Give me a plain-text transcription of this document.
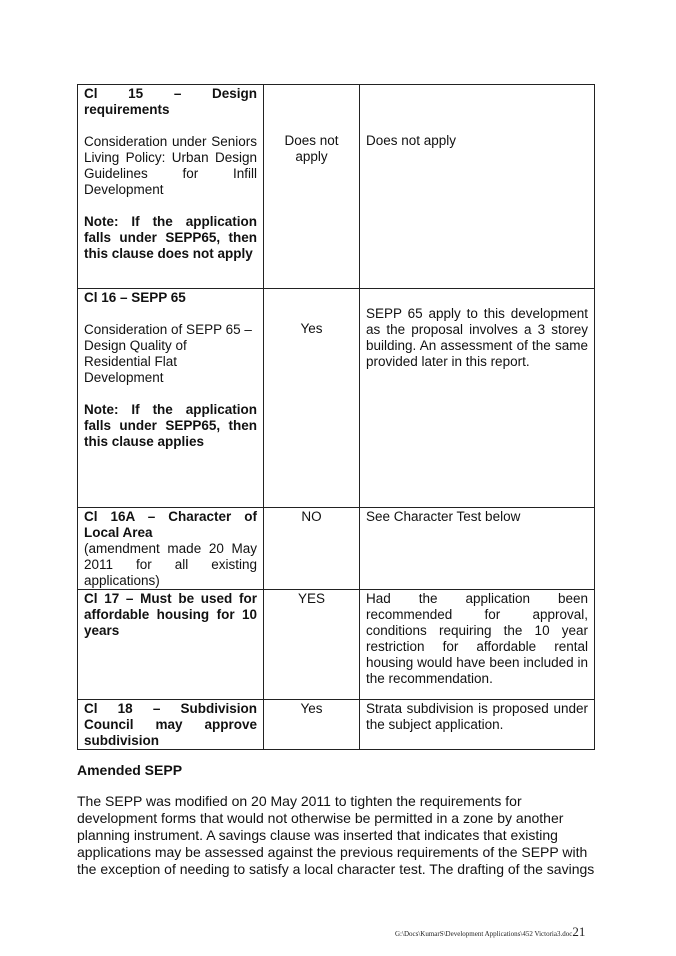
Cl 15 – Design requirements
Consideration under Seniors Living Policy: Urban Design Guidelines for Infill Development
Note: If the application falls under SEPP65, then this clause does not apply	Does not apply	Does not apply

Cl 16 – SEPP 65
Consideration of SEPP 65 – Design Quality of Residential Flat Development
Note: If the application falls under SEPP65, then this clause applies	Yes	SEPP 65 apply to this development as the proposal involves a 3 storey building. An assessment of the same provided later in this report.

Cl 16A – Character of Local Area
(amendment made 20 May 2011 for all existing applications)	NO	See Character Test below

Cl 17 – Must be used for affordable housing for 10 years	YES	Had the application been recommended for approval, conditions requiring the 10 year restriction for affordable rental housing would have been included in the recommendation.

Cl 18 – Subdivision Council may approve subdivision	Yes	Strata subdivision is proposed under the subject application.
Amended SEPP
The SEPP was modified on 20 May 2011 to tighten the requirements for development forms that would not otherwise be permitted in a zone by another planning instrument. A savings clause was inserted that indicates that existing applications may be assessed against the previous requirements of the SEPP with the exception of needing to satisfy a local character test. The drafting of the savings
G:\Docs\KumarS\Development Applications\452 Victoria3.doc21
